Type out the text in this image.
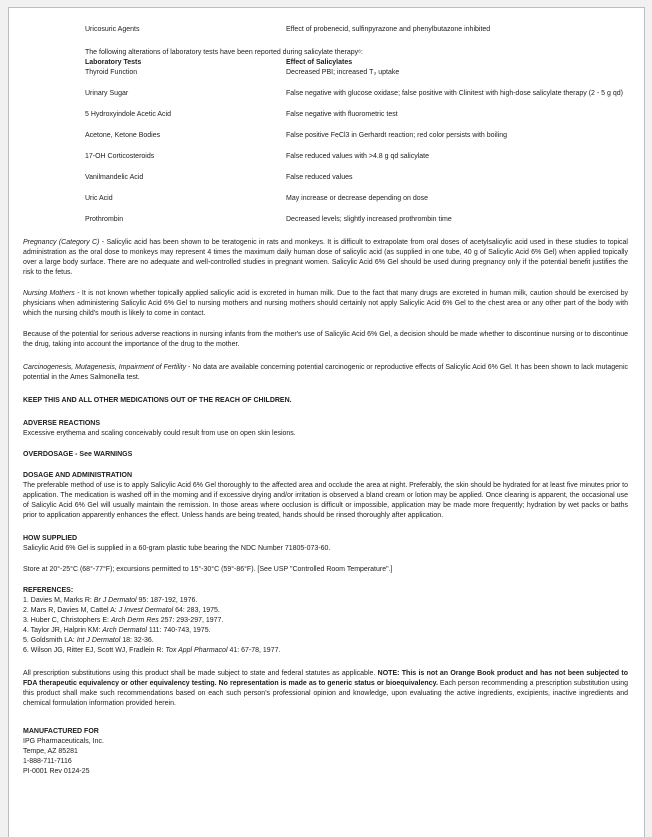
Uricosuric Agents	Effect of probenecid, sulfinpyrazone and phenylbutazone inhibited
The following alterations of laboratory tests have been reported during salicylate therapy⁶:
Laboratory Tests	Effect of Salicylates
Thyroid Function	Decreased PBI; increased T₃ uptake
Urinary Sugar	False negative with glucose oxidase; false positive with Clinitest with high-dose salicylate therapy (2 - 5 g qd)
5 Hydroxyindole Acetic Acid	False negative with fluorometric test
Acetone, Ketone Bodies	False positive FeCl3 in Gerhardt reaction; red color persists with boiling
17-OH Corticosteroids	False reduced values with >4.8 g qd salicylate
Vanilmandelic Acid	False reduced values
Uric Acid	May increase or decrease depending on dose
Prothrombin	Decreased levels; slightly increased prothrombin time

Pregnancy (Category C) - Salicylic acid has been shown to be teratogenic in rats and monkeys. It is difficult to extrapolate from oral doses of acetylsalicylic acid used in these studies to topical administration as the oral dose to monkeys may represent 4 times the maximum daily human dose of salicylic acid (as supplied in one tube, 40 g of Salicylic Acid 6% Gel) when applied topically over a large body surface. There are no adequate and well-controlled studies in pregnant women. Salicylic Acid 6% Gel should be used during pregnancy only if the potential benefit justifies the risk to the fetus.

Nursing Mothers - It is not known whether topically applied salicylic acid is excreted in human milk. Due to the fact that many drugs are excreted in human milk, caution should be exercised by physicians when administering Salicylic Acid 6% Gel to nursing mothers and nursing mothers should certainly not apply Salicylic Acid 6% Gel to the chest area or any other part of the body with which the nursing child's mouth is likely to come in contact.

Because of the potential for serious adverse reactions in nursing infants from the mother's use of Salicylic Acid 6% Gel, a decision should be made whether to discontinue nursing or to discontinue the drug, taking into account the importance of the drug to the mother.

Carcinogenesis, Mutagenesis, Impairment of Fertility - No data are available concerning potential carcinogenic or reproductive effects of Salicylic Acid 6% Gel. It has been shown to lack mutagenic potential in the Ames Salmonella test.

KEEP THIS AND ALL OTHER MEDICATIONS OUT OF THE REACH OF CHILDREN.

ADVERSE REACTIONS

Excessive erythema and scaling conceivably could result from use on open skin lesions.

OVERDOSAGE - See WARNINGS
DOSAGE AND ADMINISTRATION

The preferable method of use is to apply Salicylic Acid 6% Gel thoroughly to the affected area and occlude the area at night. Preferably, the skin should be hydrated for at least five minutes prior to application. The medication is washed off in the morning and if excessive drying and/or irritation is observed a bland cream or lotion may be applied. Once clearing is apparent, the occasional use of Salicylic Acid 6% Gel will usually maintain the remission. In those areas where occlusion is difficult or impossible, application may be made more frequently; hydration by wet packs or baths prior to application apparently enhances the effect. Unless hands are being treated, hands should be rinsed thoroughly after application.

HOW SUPPLIED

Salicylic Acid 6% Gel is supplied in a 60-gram plastic tube bearing the NDC Number 71805-073-60.

Store at 20°-25°C (68°-77°F); excursions permitted to 15°-30°C (59°-86°F). [See USP "Controlled Room Temperature".]

REFERENCES:
1. Davies M, Marks R: Br J Dermatol 95: 187-192, 1976.
2. Mars R, Davies M, Cattel A: J Invest Dermatol 64: 283, 1975.
3. Huber C, Christophers E: Arch Derm Res 257: 293-297, 1977.
4. Taylor JR, Halprin KM: Arch Dermatol 111: 740-743, 1975.
5. Goldsmith LA: Int J Dermatol 18: 32-36.
6. Wilson JG, Ritter EJ, Scott WJ, Fradlein R: Tox Appl Pharmacol 41: 67-78, 1977.

All prescription substitutions using this product shall be made subject to state and federal statutes as applicable. NOTE: This is not an Orange Book product and has not been subjected to FDA therapeutic equivalency or other equivalency testing. No representation is made as to generic status or bioequivalency. Each person recommending a prescription substitution using this product shall make such recommendations based on each such person's professional opinion and knowledge, upon evaluating the active ingredients, excipients, inactive ingredients and chemical formulation information provided herein.

MANUFACTURED FOR
IPG Pharmaceuticals, Inc.
Tempe, AZ 85281
1-888-711-7116
PI-0001 Rev 0124-25
